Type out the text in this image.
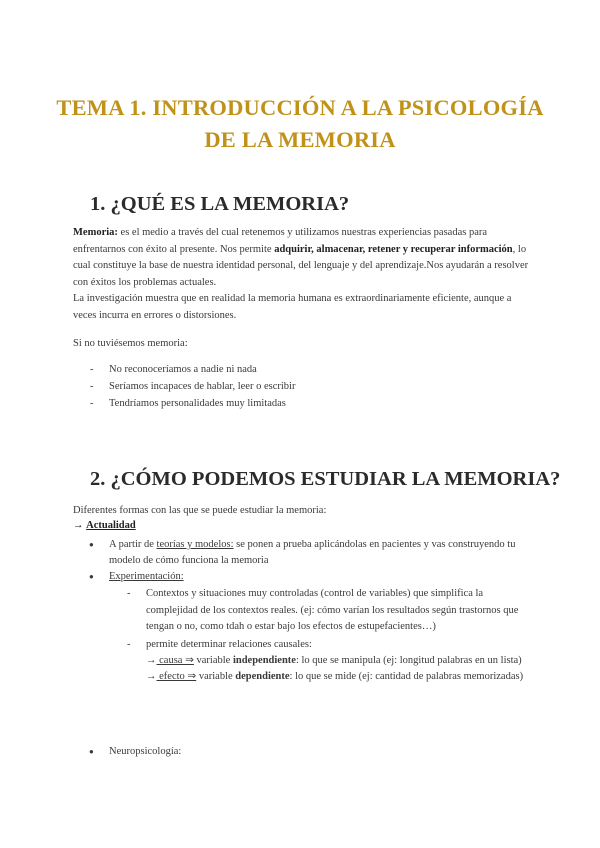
TEMA 1. INTRODUCCIÓN A LA PSICOLOGÍA
DE LA MEMORIA
1. ¿QUÉ ES LA MEMORIA?
Memoria: es el medio a través del cual retenemos y utilizamos nuestras experiencias pasadas para enfrentarnos con éxito al presente. Nos permite adquirir, almacenar, retener y recuperar información, lo cual constituye la base de nuestra identidad personal, del lenguaje y del aprendizaje.Nos ayudarán a resolver con éxitos los problemas actuales.
La investigación muestra que en realidad la memoria humana es extraordinariamente eficiente, aunque a veces incurra en errores o distorsiones.
Si no tuviésemos memoria:
- No reconoceríamos a nadie ni nada
- Seríamos incapaces de hablar, leer o escribir
- Tendríamos personalidades muy limitadas
2. ¿CÓMO PODEMOS ESTUDIAR LA MEMORIA?
Diferentes formas con las que se puede estudiar la memoria:
→ Actualidad
● A partir de teorías y modelos: se ponen a prueba aplicándolas en pacientes y vas construyendo tu modelo de cómo funciona la memoria
● Experimentación:
- Contextos y situaciones muy controladas (control de variables) que simplifica la complejidad de los contextos reales. (ej: cómo varían los resultados según trastornos que tengan o no, como tdah o estar bajo los efectos de estupefacientes…)
- permite determinar relaciones causales:
→ causa ⇒ variable independiente: lo que se manipula (ej: longitud palabras en un lista)
→ efecto ⇒ variable dependiente: lo que se mide (ej: cantidad de palabras memorizadas)
● Neuropsicología:
